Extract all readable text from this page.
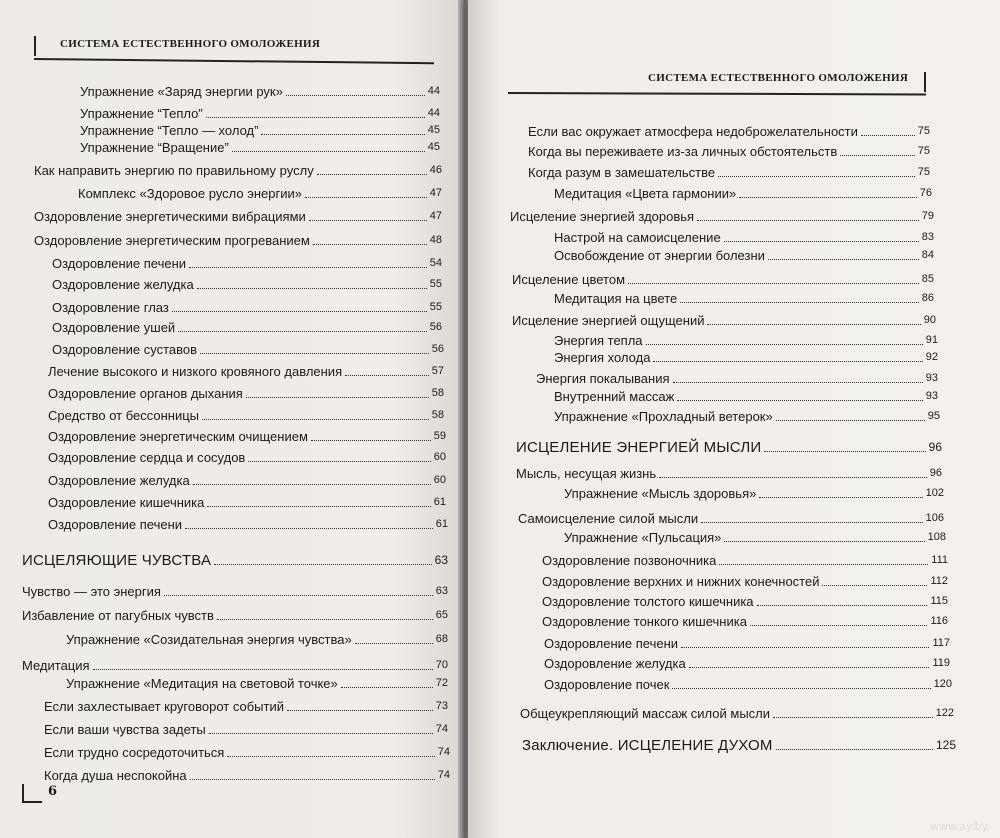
СИСТЕМА ЕСТЕСТВЕННОГО ОМОЛОЖЕНИЯ
Упражнение «Заряд энергии рук»	44
Упражнение “Тепло”	44
Упражнение “Тепло — холод”	45
Упражнение “Вращение”	45
Как направить энергию по правильному руслу	46
Комплекс «Здоровое русло энергии»	47
Оздоровление энергетическими вибрациями	47
Оздоровление энергетическим прогреванием	48
Оздоровление печени	54
Оздоровление желудка	55
Оздоровление глаз	55
Оздоровление ушей	56
Оздоровление суставов	56
Лечение высокого и низкого кровяного давления	57
Оздоровление органов дыхания	58
Средство от бессонницы	58
Оздоровление энергетическим очищением	59
Оздоровление сердца и сосудов	60
Оздоровление желудка	60
Оздоровление кишечника	61
Оздоровление печени	61
ИСЦЕЛЯЮЩИЕ ЧУВСТВА	63
Чувство — это энергия	63
Избавление от пагубных чувств	65
Упражнение «Созидательная энергия чувства»	68
Медитация	70
Упражнение «Медитация на световой точке»	72
Если захлестывает круговорот событий	73
Если ваши чувства задеты	74
Если трудно сосредоточиться	74
Когда душа неспокойна	74
6
СИСТЕМА ЕСТЕСТВЕННОГО ОМОЛОЖЕНИЯ
Если вас окружает атмосфера недоброжелательности	75
Когда вы переживаете из-за личных обстоятельств	75
Когда разум в замешательстве	75
Медитация «Цвета гармонии»	76
Исцеление энергией здоровья	79
Настрой на самоисцеление	83
Освобождение от энергии болезни	84
Исцеление цветом	85
Медитация на цвете	86
Исцеление энергией ощущений	90
Энергия тепла	91
Энергия холода	92
Энергия покалывания	93
Внутренний массаж	93
Упражнение «Прохладный ветерок»	95
ИСЦЕЛЕНИЕ ЭНЕРГИЕЙ МЫСЛИ	96
Мысль, несущая жизнь	96
Упражнение «Мысль здоровья»	102
Самоисцеление силой мысли	106
Упражнение «Пульсация»	108
Оздоровление позвоночника	111
Оздоровление верхних и нижних конечностей	112
Оздоровление толстого кишечника	115
Оздоровление тонкого кишечника	116
Оздоровление печени	117
Оздоровление желудка	119
Оздоровление почек	120
Общеукрепляющий массаж силой мысли	122
Заключение. ИСЦЕЛЕНИЕ ДУХОМ	125
www.ay.by
